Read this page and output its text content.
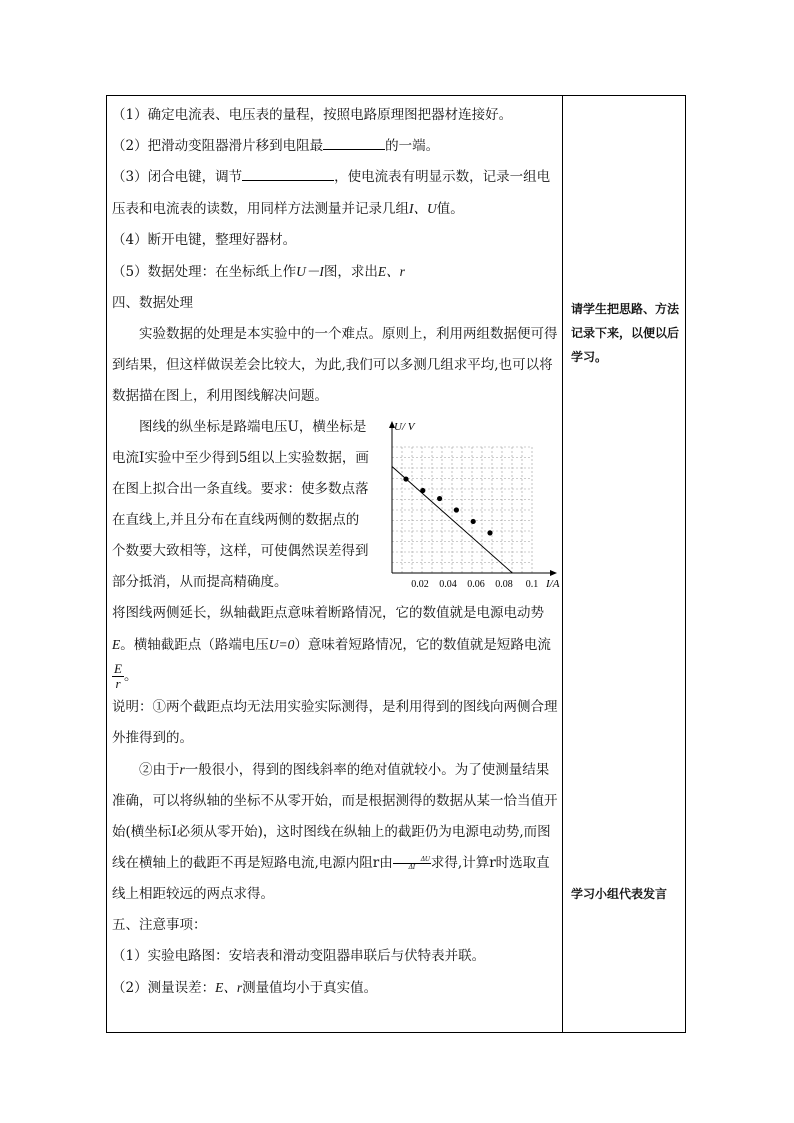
（1）确定电流表、电压表的量程，按照电路原理图把器材连接好。

（2）把滑动变阻器滑片移到电阻最	的一端。

（3）闭合电键，调节	，使电流表有明显示数，记录一组电压表和电流表的读数，用同样方法测量并记录几组I、U值。

（4）断开电键，整理好器材。

（5）数据处理：在坐标纸上作U－I图，求出E、r

四、数据处理

实验数据的处理是本实验中的一个难点。原则上，利用两组数据便可得到结果，但这样做误差会比较大，为此,我们可以多测几组求平均,也可以将数据描在图上，利用图线解决问题。

图线的纵坐标是路端电压U，横坐标是电流I实验中至少得到5组以上实验数据，画在图上拟合出一条直线。要求：使多数点落在直线上,并且分布在直线两侧的数据点的个数要大致相等，这样，可使偶然误差得到部分抵消，从而提高精确度。

U/ V
I/A
0.02 0.04 0.06 0.08 0.1

将图线两侧延长，纵轴截距点意味着断路情况，它的数值就是电源电动势E。横轴截距点（路端电压U=0）意味着短路情况，它的数值就是短路电流
$\frac{E}{r}$ 。

说明：①两个截距点均无法用实验实际测得，是利用得到的图线向两侧合理外推得到的。

②由于r一般很小，得到的图线斜率的绝对值就较小。为了使测量结果准确，可以将纵轴的坐标不从零开始，而是根据测得的数据从某一恰当值开始(横坐标I必须从零开始)，这时图线在纵轴上的截距仍为电源电动势,而图线在横轴上的截距不再是短路电流,电源内阻r由 $\frac{\Delta U}{\Delta I}$求得,计算r时选取直线上相距较远的两点求得。

五、注意事项：

（1）实验电路图：安培表和滑动变阻器串联后与伏特表并联。

（2）测量误差：E、r测量值均小于真实值。

请学生把思路、方法记录下来，以便以后学习。
学习小组代表发言
